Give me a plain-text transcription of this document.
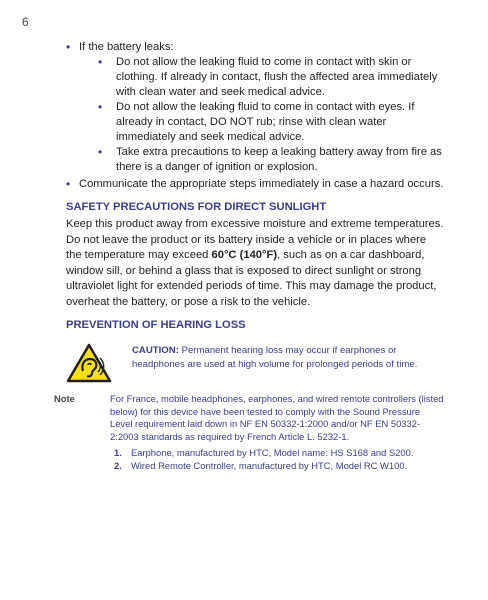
6
• If the battery leaks:
• Do not allow the leaking fluid to come in contact with skin or clothing. If already in contact, flush the affected area immediately with clean water and seek medical advice.
• Do not allow the leaking fluid to come in contact with eyes. If already in contact, DO NOT rub; rinse with clean water immediately and seek medical advice.
• Take extra precautions to keep a leaking battery away from fire as there is a danger of ignition or explosion.
• Communicate the appropriate steps immediately in case a hazard occurs.
SAFETY PRECAUTIONS FOR DIRECT SUNLIGHT
Keep this product away from excessive moisture and extreme temperatures. Do not leave the product or its battery inside a vehicle or in places where the temperature may exceed 60°C (140°F), such as on a car dashboard, window sill, or behind a glass that is exposed to direct sunlight or strong ultraviolet light for extended periods of time. This may damage the product, overheat the battery, or pose a risk to the vehicle.
PREVENTION OF HEARING LOSS
CAUTION: Permanent hearing loss may occur if earphones or headphones are used at high volume for prolonged periods of time.
Note	For France, mobile headphones, earphones, and wired remote controllers (listed below) for this device have been tested to comply with the Sound Pressure Level requirement laid down in NF EN 50332-1:2000 and/or NF EN 50332-2:2003 standards as required by French Article L. 5232-1.
1. Earphone, manufactured by HTC, Model name: HS S168 and S200.
2. Wired Remote Controller, manufactured by HTC, Model RC W100.
